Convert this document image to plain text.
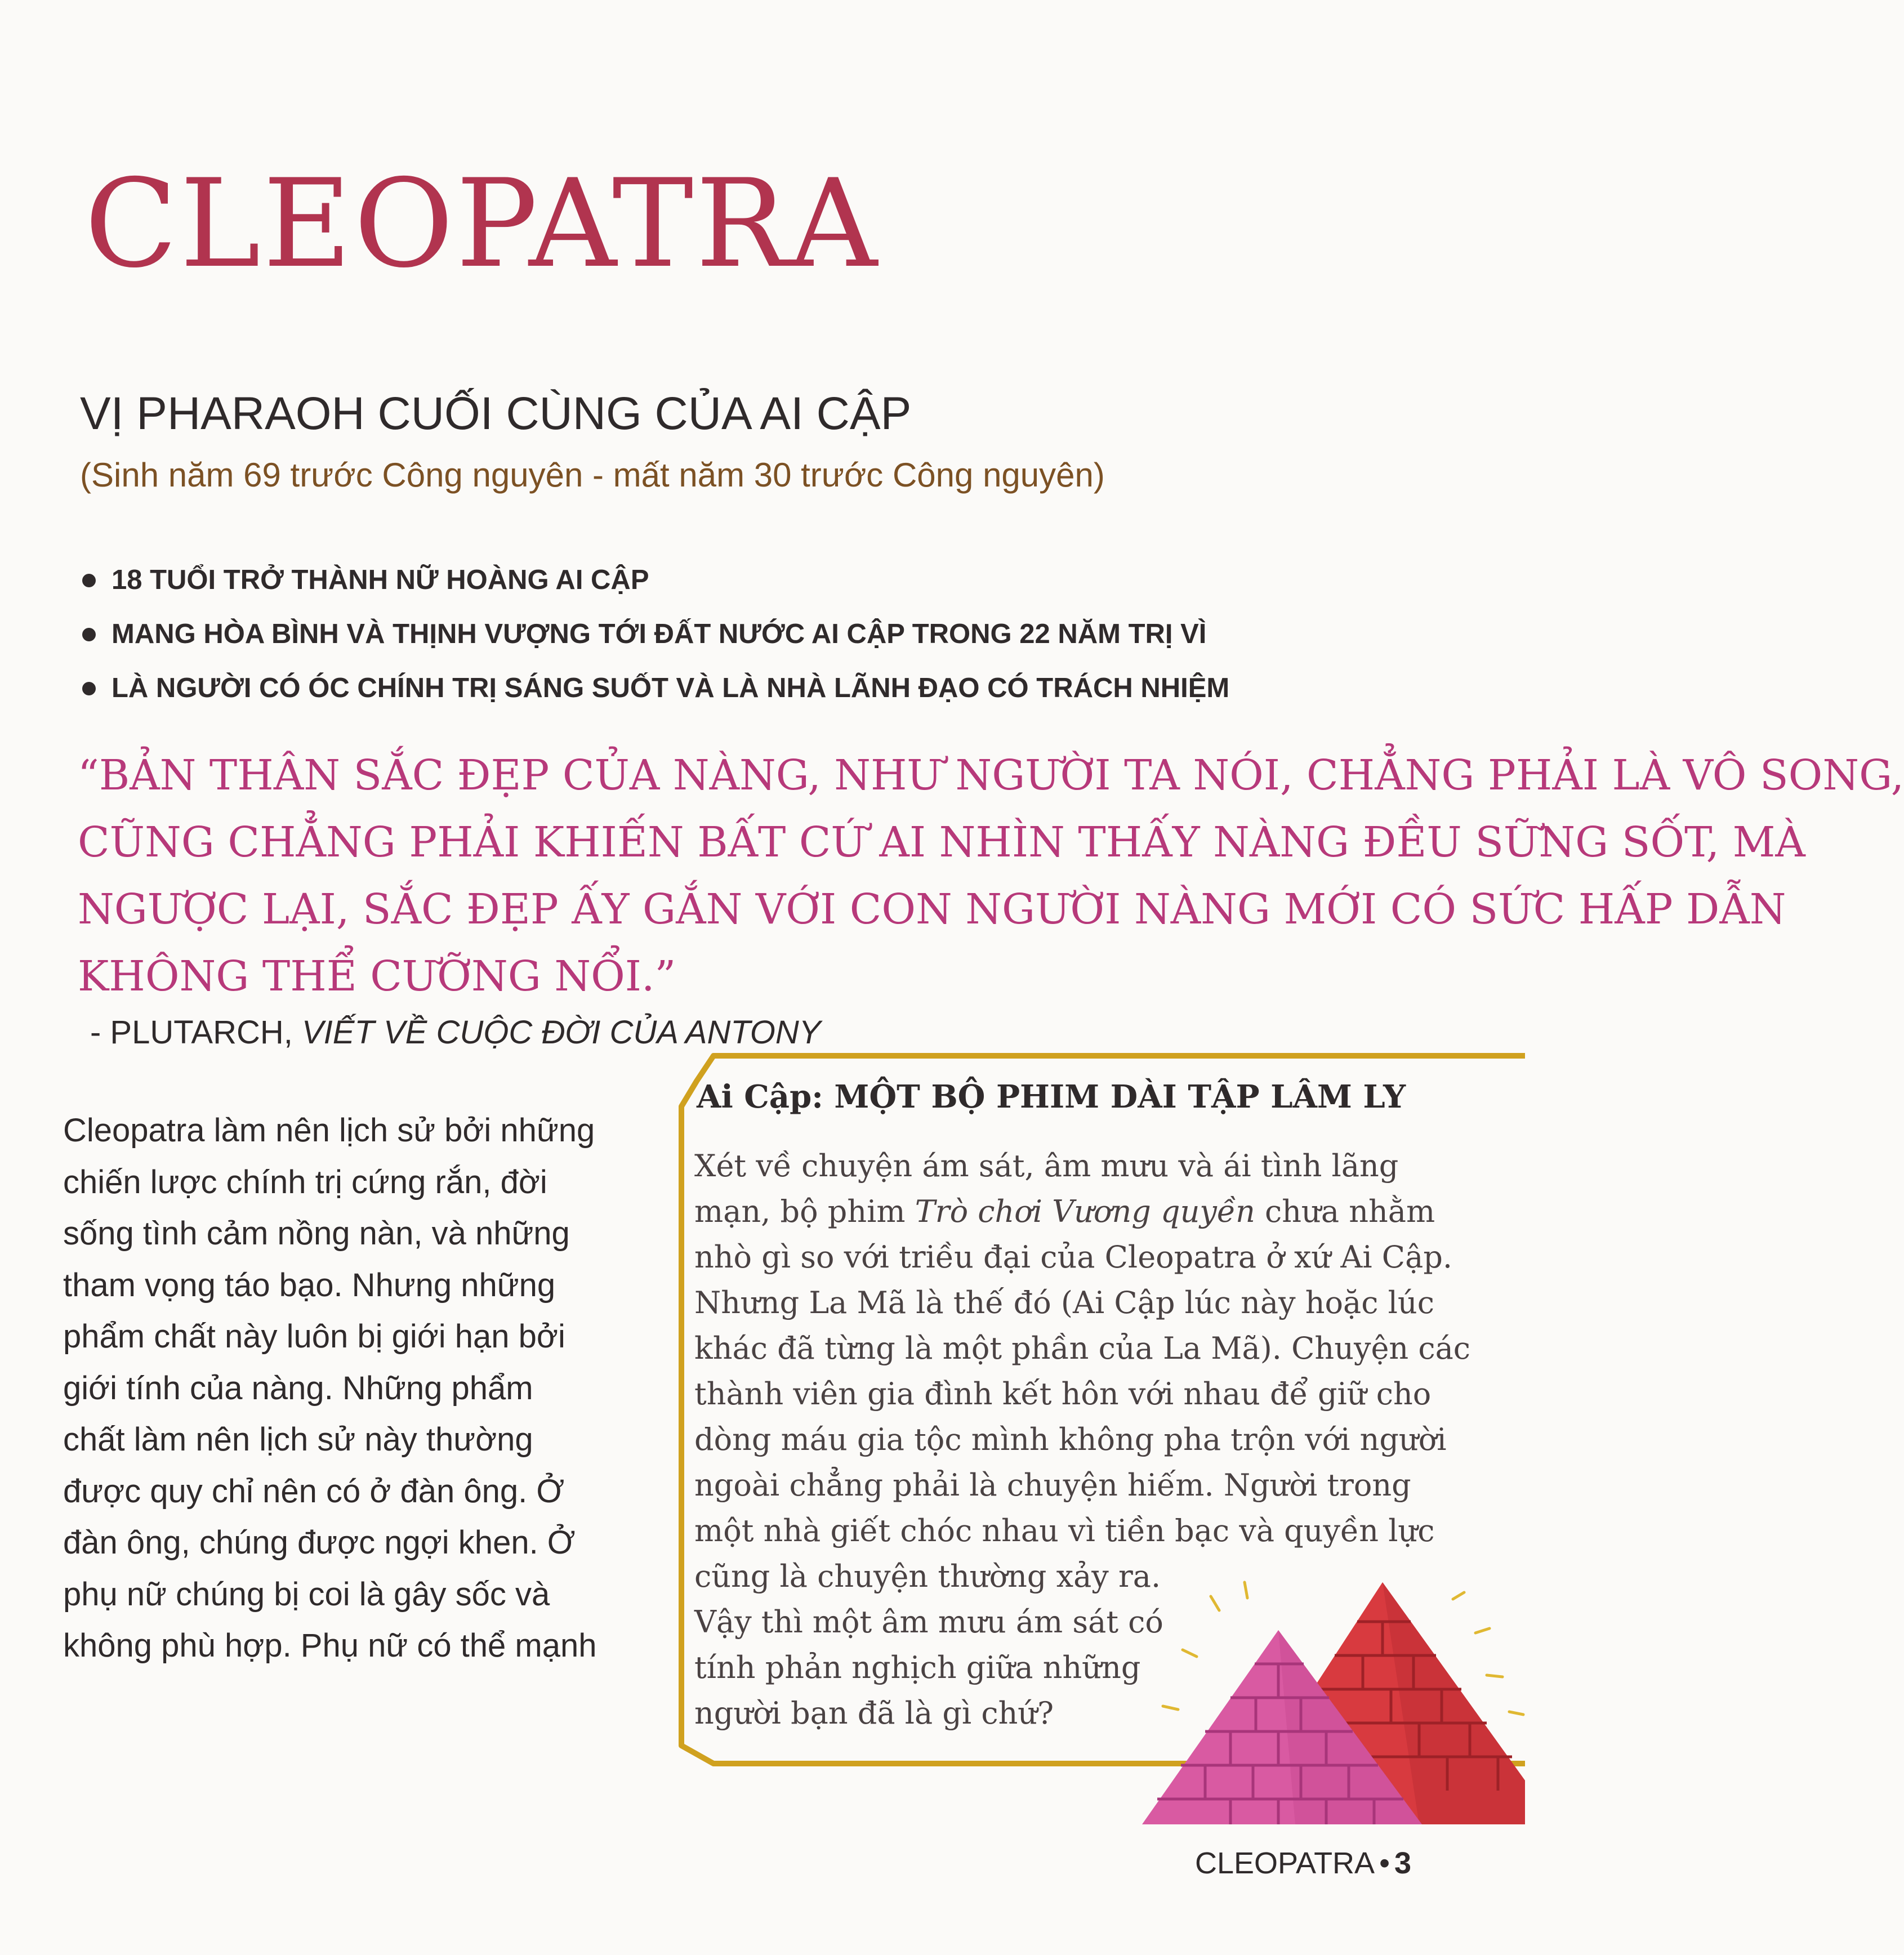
CLEOPATRA
VỊ PHARAOH CUỐI CÙNG CỦA AI CẬP
(Sinh năm 69 trước Công nguyên - mất năm 30 trước Công nguyên)
18 TUỔI TRỞ THÀNH NỮ HOÀNG AI CẬP
MANG HÒA BÌNH VÀ THỊNH VƯỢNG TỚI ĐẤT NƯỚC AI CẬP TRONG 22 NĂM TRỊ VÌ
LÀ NGƯỜI CÓ ÓC CHÍNH TRỊ SÁNG SUỐT VÀ LÀ NHÀ LÃNH ĐẠO CÓ TRÁCH NHIỆM
“BẢN THÂN SẮC ĐẸP CỦA NÀNG, NHƯ NGƯỜI TA NÓI, CHẲNG PHẢI LÀ VÔ SONG,
CŨNG CHẲNG PHẢI KHIẾN BẤT CỨ AI NHÌN THẤY NÀNG ĐỀU SỮNG SỐT, MÀ
NGƯỢC LẠI, SẮC ĐẸP ẤY GẮN VỚI CON NGƯỜI NÀNG MỚI CÓ SỨC HẤP DẪN
KHÔNG THỂ CƯỠNG NỔI.”
- PLUTARCH, VIẾT VỀ CUỘC ĐỜI CỦA ANTONY
Cleopatra làm nên lịch sử bởi những
chiến lược chính trị cứng rắn, đời
sống tình cảm nồng nàn, và những
tham vọng táo bạo. Nhưng những
phẩm chất này luôn bị giới hạn bởi
giới tính của nàng. Những phẩm
chất làm nên lịch sử này thường
được quy chỉ nên có ở đàn ông. Ở
đàn ông, chúng được ngợi khen. Ở
phụ nữ chúng bị coi là gây sốc và
không phù hợp. Phụ nữ có thể mạnh
Ai Cập: MỘT BỘ PHIM DÀI TẬP LÂM LY
Xét về chuyện ám sát, âm mưu và ái tình lãng
mạn, bộ phim Trò chơi Vương quyền chưa nhằm
nhò gì so với triều đại của Cleopatra ở xứ Ai Cập.
Nhưng La Mã là thế đó (Ai Cập lúc này hoặc lúc
khác đã từng là một phần của La Mã). Chuyện các
thành viên gia đình kết hôn với nhau để giữ cho
dòng máu gia tộc mình không pha trộn với người
ngoài chẳng phải là chuyện hiếm. Người trong
một nhà giết chóc nhau vì tiền bạc và quyền lực
cũng là chuyện thường xảy ra.
Vậy thì một âm mưu ám sát có
tính phản nghịch giữa những
người bạn đã là gì chứ?
CLEOPATRA • 3
